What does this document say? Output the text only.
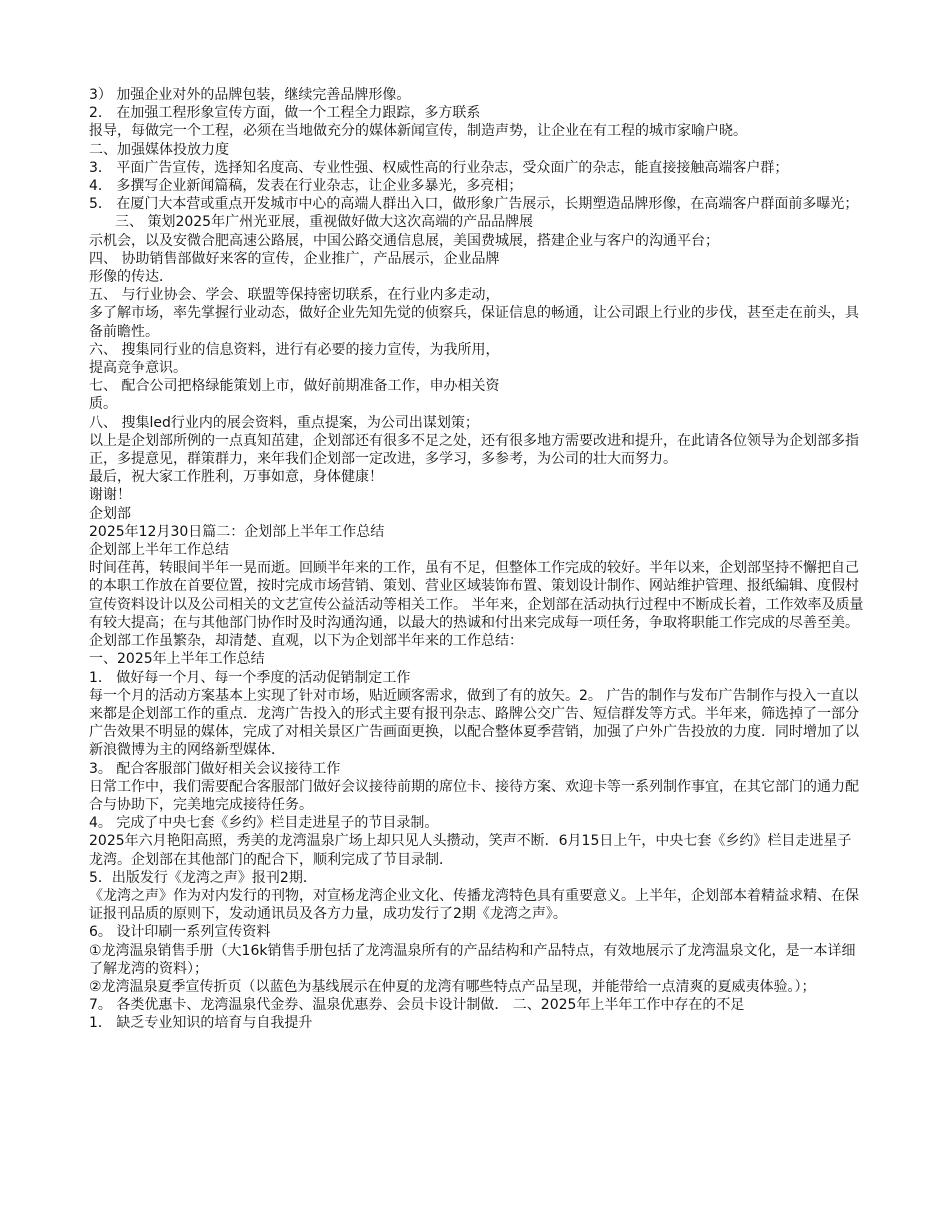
3） 加强企业对外的品牌包装，继续完善品牌形像。

2． 在加强工程形象宣传方面，做一个工程全力跟踪，多方联系

报导，每做完一个工程，必须在当地做充分的媒体新闻宣传，制造声势，让企业在有工程的城市家喻户晓。

二、加强媒体投放力度

3． 平面广告宣传，选择知名度高、专业性强、权威性高的行业杂志，受众面广的杂志，能直接接触高端客户群；

4． 多撰写企业新闻篇稿，发表在行业杂志，让企业多暴光，多亮相；

5． 在厦门大本营或重点开发城市中心的高端人群出入口，做形象广告展示，长期塑造品牌形像，在高端客户群面前多曝光；三、 策划2025年广州光亚展，重视做好做大这次高端的产品品牌展

示机会，以及安微合肥高速公路展，中国公路交通信息展，美国费城展，搭建企业与客户的沟通平台；

四、 协助销售部做好来客的宣传，企业推广，产品展示，企业品牌

形像的传达．

五、 与行业协会、学会、联盟等保持密切联系，在行业内多走动，

多了解市场，率先掌握行业动态，做好企业先知先觉的侦察兵，保证信息的畅通，让公司跟上行业的步伐，甚至走在前头，具备前瞻性。

六、 搜集同行业的信息资料，进行有必要的接力宣传，为我所用，

提高竞争意识。

七、 配合公司把格绿能策划上市，做好前期准备工作，申办相关资

质。

八、 搜集led行业内的展会资料，重点提案，为公司出谋划策；

以上是企划部所例的一点真知茁建，企划部还有很多不足之处，还有很多地方需要改进和提升，在此请各位领导为企划部多指正，多提意见，群策群力，来年我们企划部一定改进，多学习，多参考，为公司的壮大而努力。

最后，祝大家工作胜利，万事如意，身体健康！

谢谢！

企划部

2025年12月30日篇二：企划部上半年工作总结

企划部上半年工作总结

时间荏苒，转眼间半年一晃而逝。回顾半年来的工作，虽有不足，但整体工作完成的较好。半年以来，企划部坚持不懈把自己的本职工作放在首要位置，按时完成市场营销、策划、营业区域装饰布置、策划设计制作、网站维护管理、报纸编辑、度假村宣传资料设计以及公司相关的文艺宣传公益活动等相关工作。 半年来，企划部在活动执行过程中不断成长着，工作效率及质量有较大提高；在与其他部门协作时及时沟通沟通，以最大的热诚和付出来完成每一项任务，争取将职能工作完成的尽善至美。企划部工作虽繁杂，却清楚、直观，以下为企划部半年来的工作总结：

一、2025年上半年工作总结

1． 做好每一个月、每一个季度的活动促销制定工作

每一个月的活动方案基本上实现了针对市场，贴近顾客需求，做到了有的放矢。2。 广告的制作与发布广告制作与投入一直以来都是企划部工作的重点．龙湾广告投入的形式主要有报刊杂志、路牌公交广告、短信群发等方式。半年来，筛选掉了一部分广告效果不明显的媒体，完成了对相关景区广告画面更换，以配合整体夏季营销，加强了户外广告投放的力度．同时增加了以新浪微博为主的网络新型媒体．

3。 配合客服部门做好相关会议接待工作

日常工作中，我们需要配合客服部门做好会议接待前期的席位卡、接待方案、欢迎卡等一系列制作事宜，在其它部门的通力配合与协助下，完美地完成接待任务。

4。 完成了中央七套《乡约》栏目走进星子的节目录制。

2025年六月艳阳高照，秀美的龙湾温泉广场上却只见人头攒动，笑声不断．6月15日上午，中央七套《乡约》栏目走进星子龙湾。企划部在其他部门的配合下，顺利完成了节目录制．

5．出版发行《龙湾之声》报刊2期．

《龙湾之声》作为对内发行的刊物，对宣杨龙湾企业文化、传播龙湾特色具有重要意义。上半年，企划部本着精益求精、在保证报刊品质的原则下，发动通讯员及各方力量，成功发行了2期《龙湾之声》。

6。 设计印刷一系列宣传资料

①龙湾温泉销售手册（大16k销售手册包括了龙湾温泉所有的产品结构和产品特点，有效地展示了龙湾温泉文化，是一本详细了解龙湾的资料）；

②龙湾温泉夏季宣传折页（以蓝色为基线展示在仲夏的龙湾有哪些特点产品呈现，并能带给一点清爽的夏威夷体验。）；

7。 各类优惠卡、龙湾温泉代金券、温泉优惠券、会员卡设计制做． 二、2025年上半年工作中存在的不足

1． 缺乏专业知识的培育与自我提升
